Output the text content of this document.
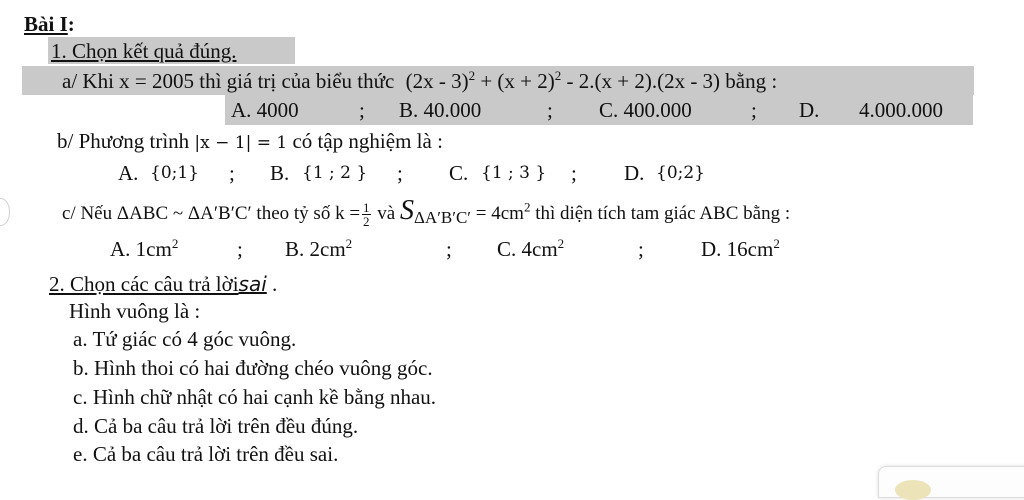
Bài I:
1. Chọn kết quả đúng.
a/ Khi x = 2005 thì giá trị của biểu thức $(2x - 3)^2 + (x + 2)^2 - 2.(x + 2).(2x - 3)$ bằng :
A. 4000	; B. 40.000	; C. 400.000	; D. 4.000.000
b/ Phương trình |x − 1| = 1 có tập nghiệm là :
A. {0;1} ; B. {1 ; 2 } ; C. {1 ; 3 } ; D. {0;2}
c/ Nếu ΔABC ~ ΔA′B′C′ theo tỷ số $k = \frac{1}{2}$ và $S\Delta A'B'C' = 4cm^2$ thì diện tích tam giác ABC bằng :
A. $1cm^2$	; B. $2cm^2$	; C. $4cm^2$	;	D. $16cm^2$
2. Chọn các câu trả lờisai .
Hình vuông là :
a. Tứ giác có 4 góc vuông.
b. Hình thoi có hai đường chéo vuông góc.
c. Hình chữ nhật có hai cạnh kề bằng nhau.
d. Cả ba câu trả lời trên đều đúng.
e. Cả ba câu trả lời trên đều sai.
